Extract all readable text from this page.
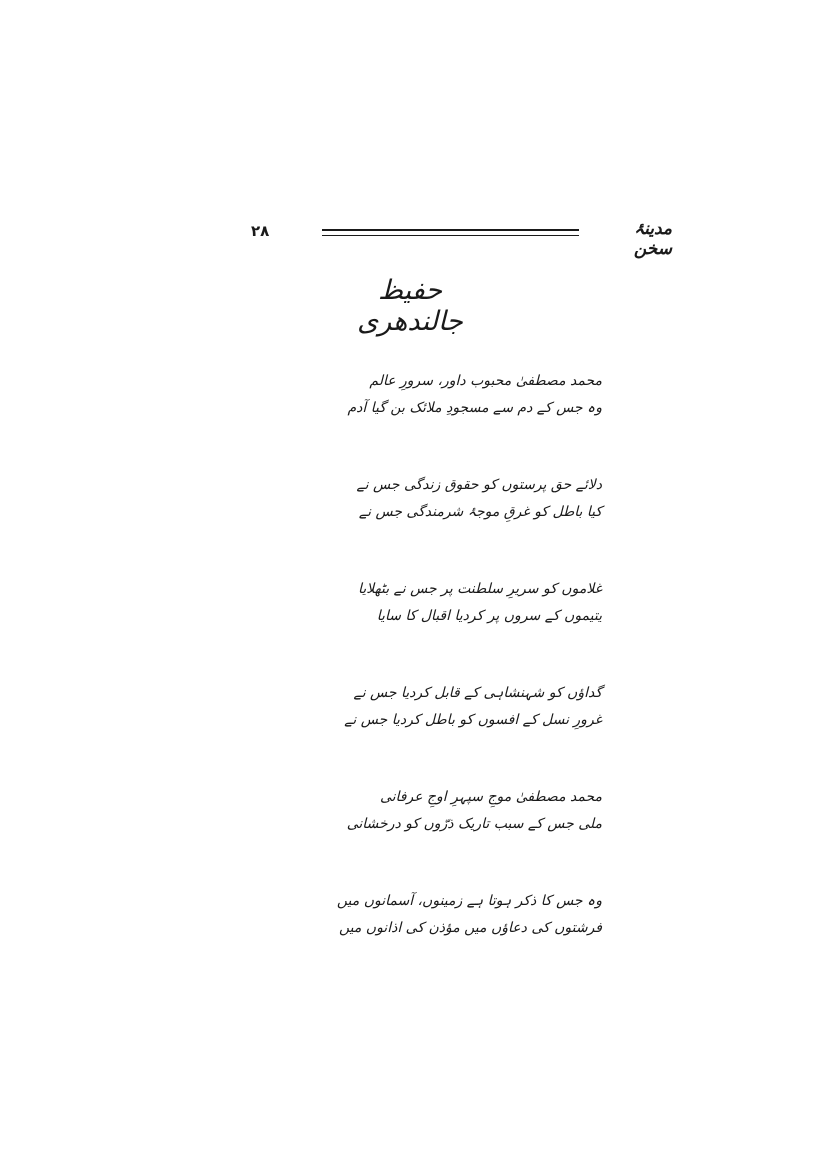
۲۸	مدینۂ سخن
حفیظ جالندھری
محمد مصطفیٰ محبوب داور، سرورِ عالم
وہ جس کے دم سے مسجودِ ملائک بن گیا آدم
دلائے حق پرستوں کو حقوق زندگی جس نے
کیا باطل کو غرقِ موجۂ شرمندگی جس نے
غلاموں کو سریرِ سلطنت پر جس نے بٹھلایا
یتیموں کے سروں پر کردیا اقبال کا سایا
گداؤں کو شہنشاہی کے قابل کردیا جس نے
غرورِ نسل کے افسوں کو باطل کردیا جس نے
محمد مصطفیٰ موجِ سپہرِ اوجِ عرفانی
ملی جس کے سبب تاریک ذرّوں کو درخشانی
وہ جس کا ذکر ہوتا ہے زمینوں، آسمانوں میں
فرشتوں کی دعاؤں میں مؤذن کی اذانوں میں
